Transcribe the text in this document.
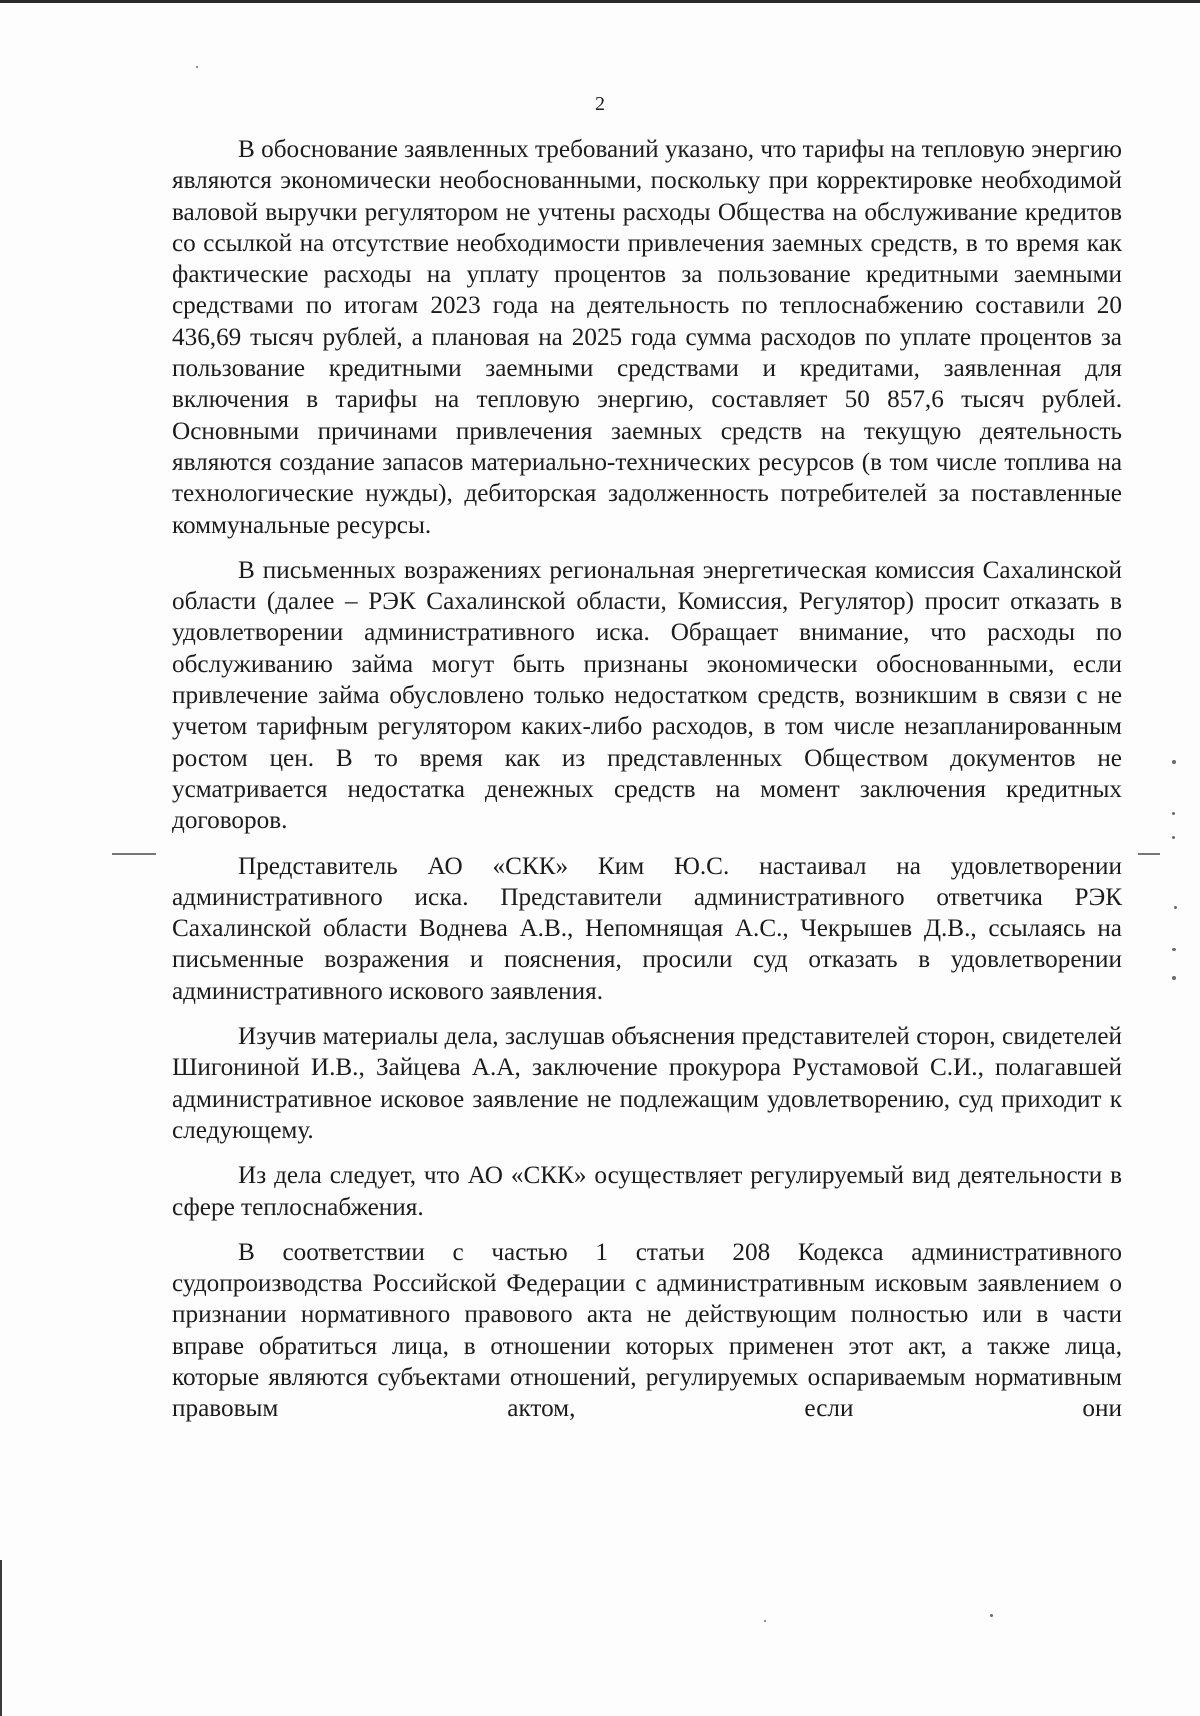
2

В обоснование заявленных требований указано, что тарифы на тепловую энергию являются экономически необоснованными, поскольку при корректировке необходимой валовой выручки регулятором не учтены расходы Общества на обслуживание кредитов со ссылкой на отсутствие необходимости привлечения заемных средств, в то время как фактические расходы на уплату процентов за пользование кредитными заемными средствами по итогам 2023 года на деятельность по теплоснабжению составили 20 436,69 тысяч рублей, а плановая на 2025 года сумма расходов по уплате процентов за пользование кредитными заемными средствами и кредитами, заявленная для включения в тарифы на тепловую энергию, составляет 50 857,6 тысяч рублей. Основными причинами привлечения заемных средств на текущую деятельность являются создание запасов материально-технических ресурсов (в том числе топлива на технологические нужды), дебиторская задолженность потребителей за поставленные коммунальные ресурсы.

В письменных возражениях региональная энергетическая комиссия Сахалинской области (далее – РЭК Сахалинской области, Комиссия, Регулятор) просит отказать в удовлетворении административного иска. Обращает внимание, что расходы по обслуживанию займа могут быть признаны экономически обоснованными, если привлечение займа обусловлено только недостатком средств, возникшим в связи с не учетом тарифным регулятором каких-либо расходов, в том числе незапланированным ростом цен. В то время как из представленных Обществом документов не усматривается недостатка денежных средств на момент заключения кредитных договоров.

Представитель АО «СКК» Ким Ю.С. настаивал на удовлетворении административного иска. Представители административного ответчика РЭК Сахалинской области Воднева А.В., Непомнящая А.С., Чекрышев Д.В., ссылаясь на письменные возражения и пояснения, просили суд отказать в удовлетворении административного искового заявления.

Изучив материалы дела, заслушав объяснения представителей сторон, свидетелей Шигониной И.В., Зайцева А.А, заключение прокурора Рустамовой С.И., полагавшей административное исковое заявление не подлежащим удовлетворению, суд приходит к следующему.

Из дела следует, что АО «СКК» осуществляет регулируемый вид деятельности в сфере теплоснабжения.

В соответствии с частью 1 статьи 208 Кодекса административного судопроизводства Российской Федерации с административным исковым заявлением о признании нормативного правового акта не действующим полностью или в части вправе обратиться лица, в отношении которых применен этот акт, а также лица, которые являются субъектами отношений, регулируемых оспариваемым нормативным правовым актом, если они
